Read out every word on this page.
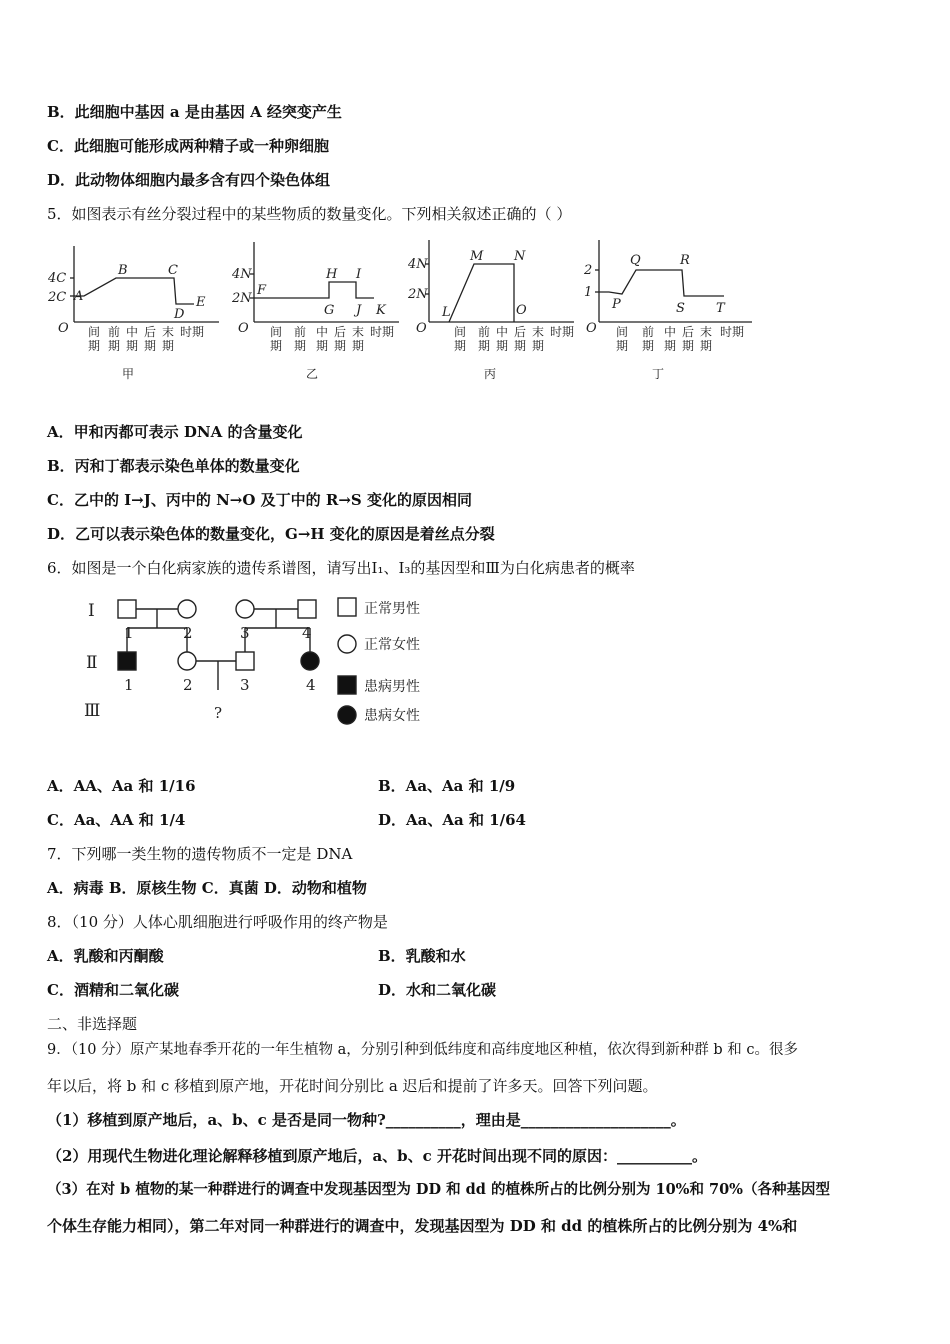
B．此细胞中基因 a 是由基因 A 经突变产生
C．此细胞可能形成两种精子或一种卵细胞
D．此动物体细胞内最多含有四个染色体组
5．如图表示有丝分裂过程中的某些物质的数量变化。下列相关叙述正确的（ ）
4C
2C
O
A
B	C
D
E
4N
2N
O
F
G
H I
J K
4N
2N
O
L
M N
O
2
1
O
P
Q	R
S T
间
期
前
期
中
期
后
期
末
期
时期	间
期
前
期
中
期
后
期
末
期
时期	间
期
前
期
中
期
后
期
末
期
时期	间
期
前
期
中
期
后
期
末
期
时期
甲	乙	丙	丁
A．甲和丙都可表示 DNA 的含量变化
B．丙和丁都表示染色单体的数量变化
C．乙中的 I→J、丙中的 N→O 及丁中的 R→S 变化的原因相同
D．乙可以表示染色体的数量变化，G→H 变化的原因是着丝点分裂
6．如图是一个白化病家族的遗传系谱图，请写出Ⅰ₁、Ⅰ₃的基因型和Ⅲ为白化病患者的概率
Ⅰ
Ⅱ
Ⅲ
1	2	3	4
1	2	3	4
?
正常男性
正常女性
患病男性
患病女性
A．AA、Aa 和 1/16	B．Aa、Aa 和 1/9
C．Aa、AA 和 1/4	D．Aa、Aa 和 1/64
7．下列哪一类生物的遗传物质不一定是 DNA
A．病毒 B．原核生物 C．真菌 D．动物和植物
8．（10 分）人体心肌细胞进行呼吸作用的终产物是
A．乳酸和丙酮酸	B．乳酸和水
C．酒精和二氧化碳	D．水和二氧化碳
二、非选择题
9．（10 分）原产某地春季开花的一年生植物 a，分别引种到低纬度和高纬度地区种植，依次得到新种群 b 和 c。很多
年以后，将 b 和 c 移植到原产地，开花时间分别比 a 迟后和提前了许多天。回答下列问题。
（1）移植到原产地后，a、b、c 是否是同一物种?__________，理由是____________________。
（2）用现代生物进化理论解释移植到原产地后，a、b、c 开花时间出现不同的原因：__________。
（3）在对 b 植物的某一种群进行的调查中发现基因型为 DD 和 dd 的植株所占的比例分别为 10%和 70%（各种基因型
个体生存能力相同），第二年对同一种群进行的调查中，发现基因型为 DD 和 dd 的植株所占的比例分别为 4%和
